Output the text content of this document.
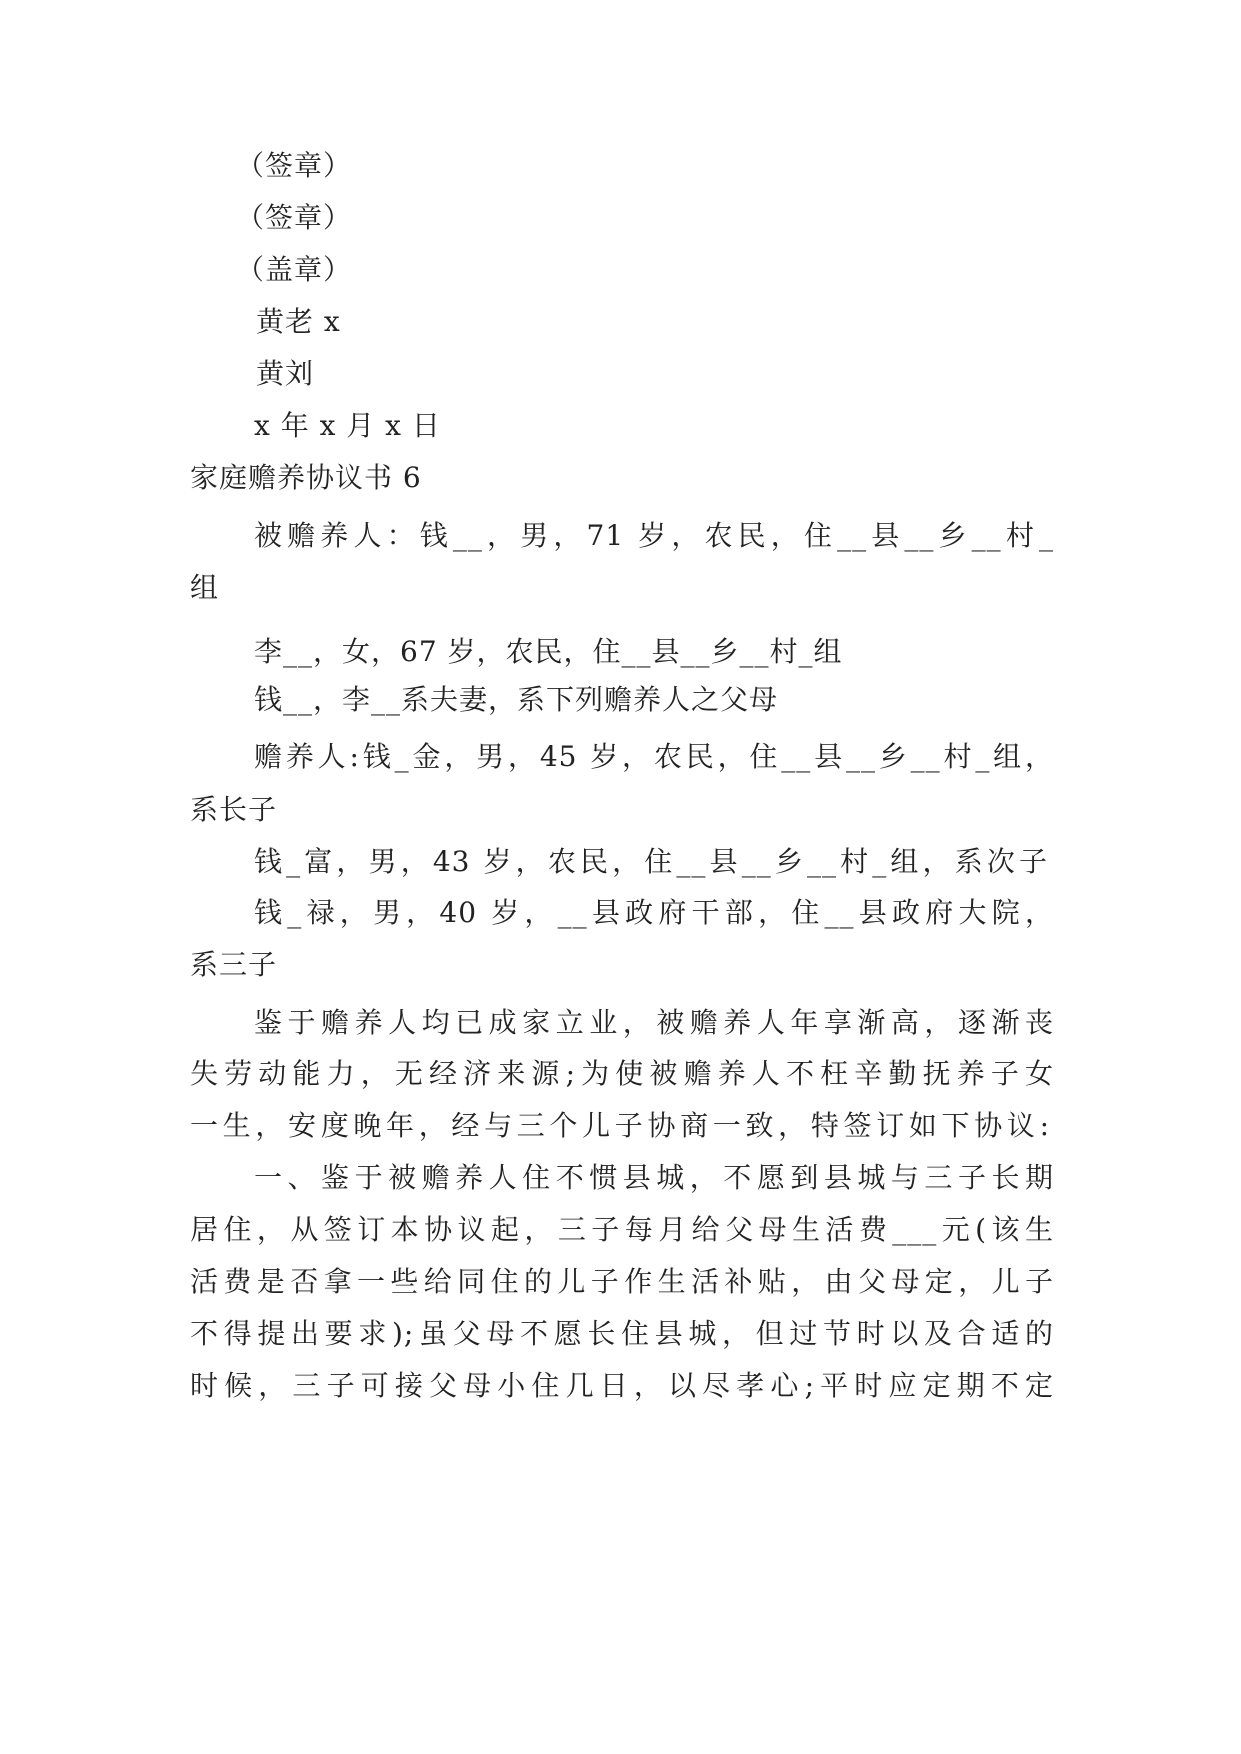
（签章）
（签章）
（盖章）
黄老 x
黄刘
x 年 x 月 x 日
家庭赡养协议书 6
被赡养人：钱__，男，71 岁，农民，住__县__乡__村_
组
李__，女，67 岁，农民，住__县__乡__村_组
钱__，李__系夫妻，系下列赡养人之父母
赡养人:钱_金，男，45 岁，农民，住__县__乡__村_组，
系长子
钱_富，男，43 岁，农民，住__县__乡__村_组，系次子
钱_禄，男，40 岁，__县政府干部，住__县政府大院，
系三子
鉴于赡养人均已成家立业，被赡养人年享渐高，逐渐丧
失劳动能力，无经济来源;为使被赡养人不枉辛勤抚养子女
一生，安度晚年，经与三个儿子协商一致，特签订如下协议:
一、鉴于被赡养人住不惯县城，不愿到县城与三子长期
居住，从签订本协议起，三子每月给父母生活费___元(该生
活费是否拿一些给同住的儿子作生活补贴，由父母定，儿子
不得提出要求);虽父母不愿长住县城，但过节时以及合适的
时候，三子可接父母小住几日，以尽孝心;平时应定期不定
